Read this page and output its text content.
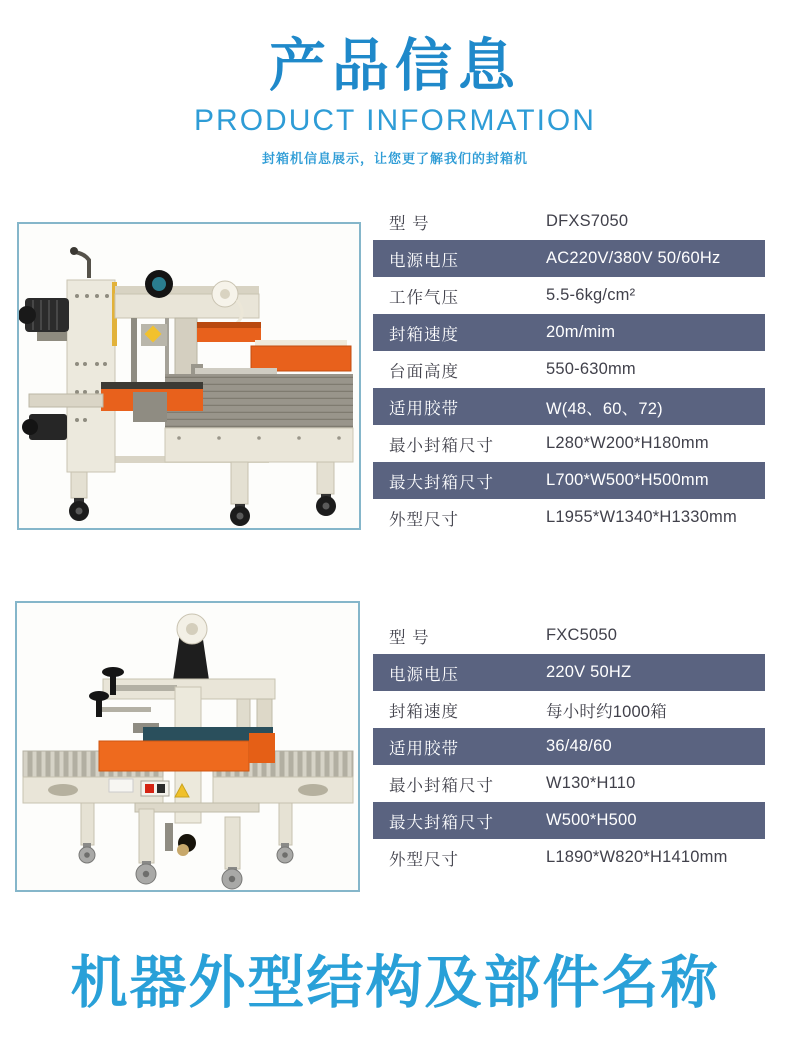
产品信息
PRODUCT INFORMATION
封箱机信息展示，让您更了解我们的封箱机
型 号	DFXS7050
电源电压	AC220V/380V 50/60Hz
工作气压	5.5-6kg/cm²
封箱速度	20m/mim
台面高度	550-630mm
适用胶带	W(48、60、72)
最小封箱尺寸	L280*W200*H180mm
最大封箱尺寸	L700*W500*H500mm
外型尺寸	L1955*W1340*H1330mm
型 号	FXC5050
电源电压	220V 50HZ
封箱速度	每小时约1000箱
适用胶带	36/48/60
最小封箱尺寸	W130*H110
最大封箱尺寸	W500*H500
外型尺寸	L1890*W820*H1410mm
机器外型结构及部件名称
